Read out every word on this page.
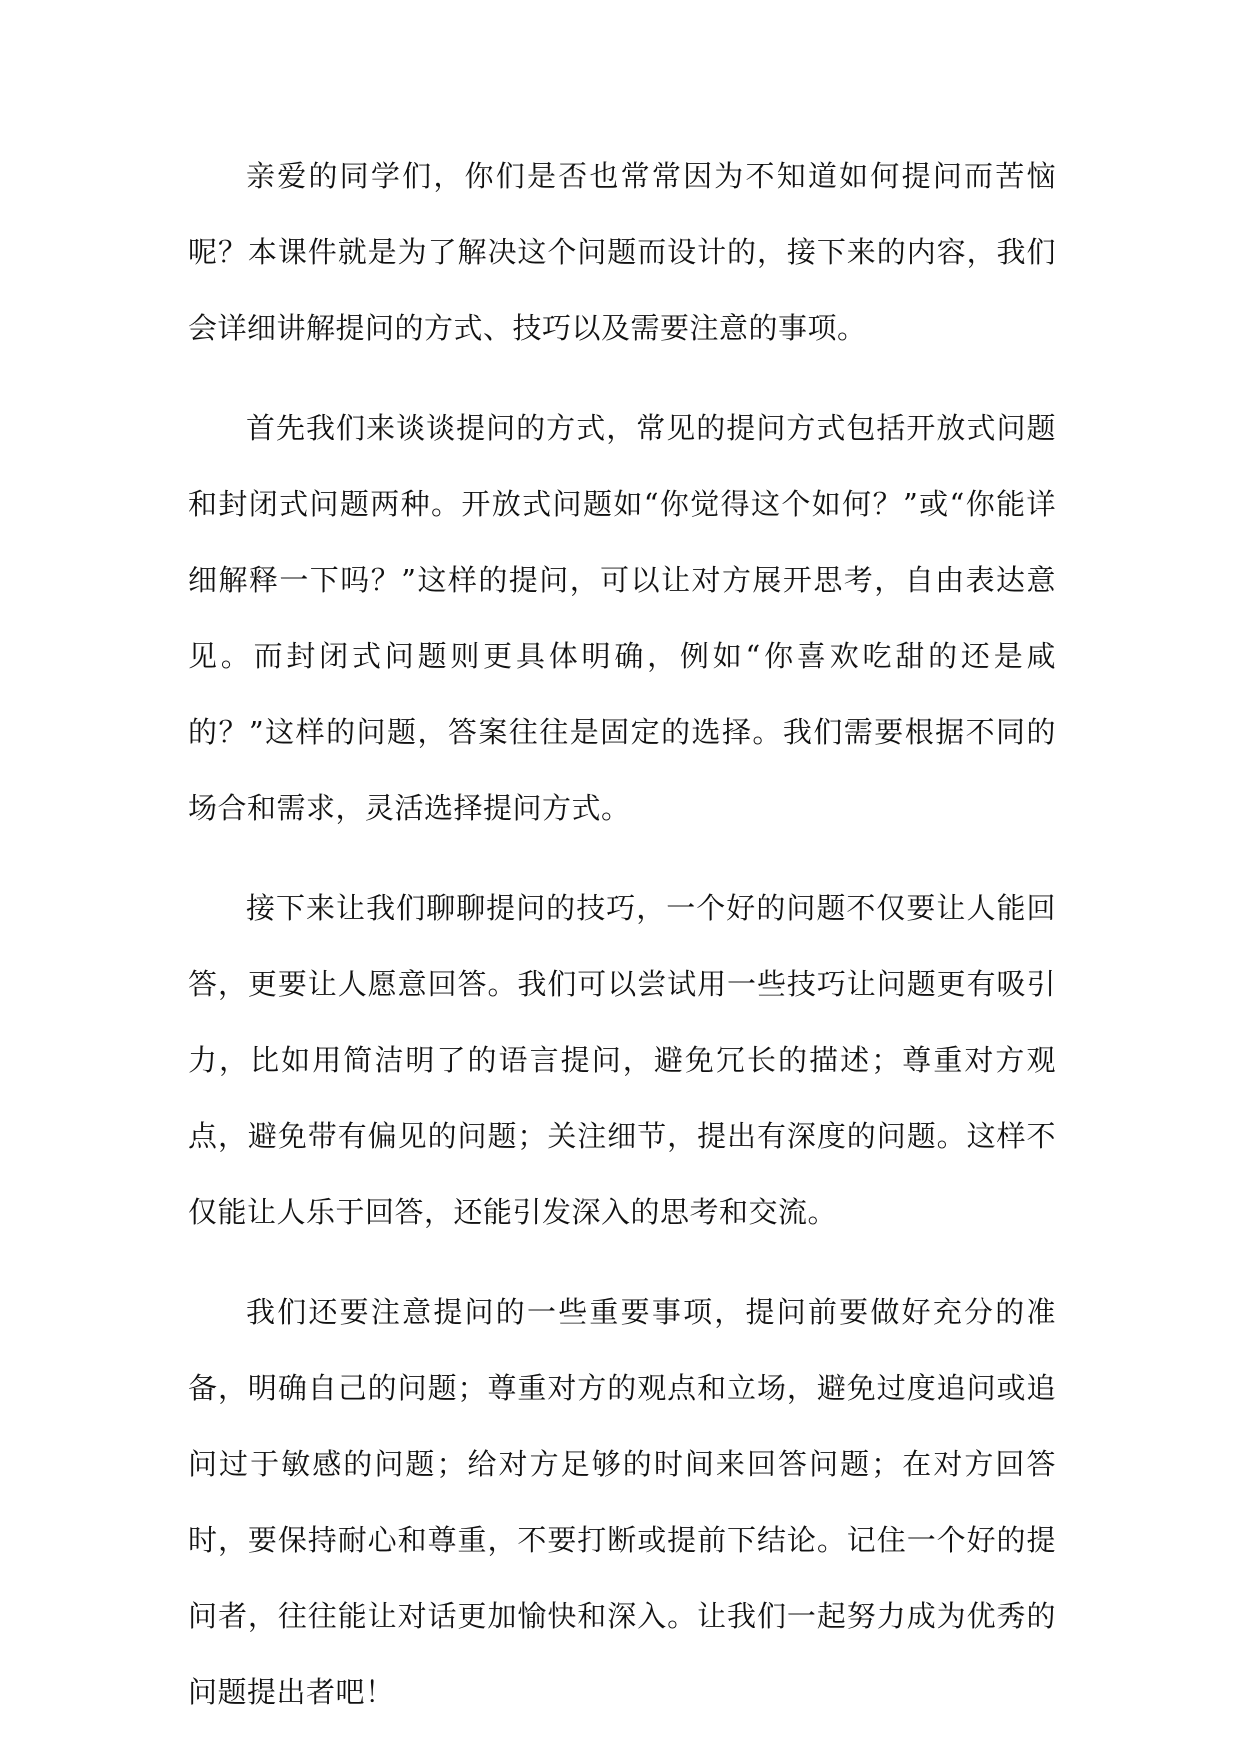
亲爱的同学们，你们是否也常常因为不知道如何提问而苦恼呢？本课件就是为了解决这个问题而设计的，接下来的内容，我们会详细讲解提问的方式、技巧以及需要注意的事项。

首先我们来谈谈提问的方式，常见的提问方式包括开放式问题和封闭式问题两种。开放式问题如“你觉得这个如何？”或“你能详细解释一下吗？”这样的提问，可以让对方展开思考，自由表达意见。而封闭式问题则更具体明确，例如“你喜欢吃甜的还是咸的？”这样的问题，答案往往是固定的选择。我们需要根据不同的场合和需求，灵活选择提问方式。

接下来让我们聊聊提问的技巧，一个好的问题不仅要让人能回答，更要让人愿意回答。我们可以尝试用一些技巧让问题更有吸引力，比如用简洁明了的语言提问，避免冗长的描述；尊重对方观点，避免带有偏见的问题；关注细节，提出有深度的问题。这样不仅能让人乐于回答，还能引发深入的思考和交流。

我们还要注意提问的一些重要事项，提问前要做好充分的准备，明确自己的问题；尊重对方的观点和立场，避免过度追问或追问过于敏感的问题；给对方足够的时间来回答问题；在对方回答时，要保持耐心和尊重，不要打断或提前下结论。记住一个好的提问者，往往能让对话更加愉快和深入。让我们一起努力成为优秀的问题提出者吧！
